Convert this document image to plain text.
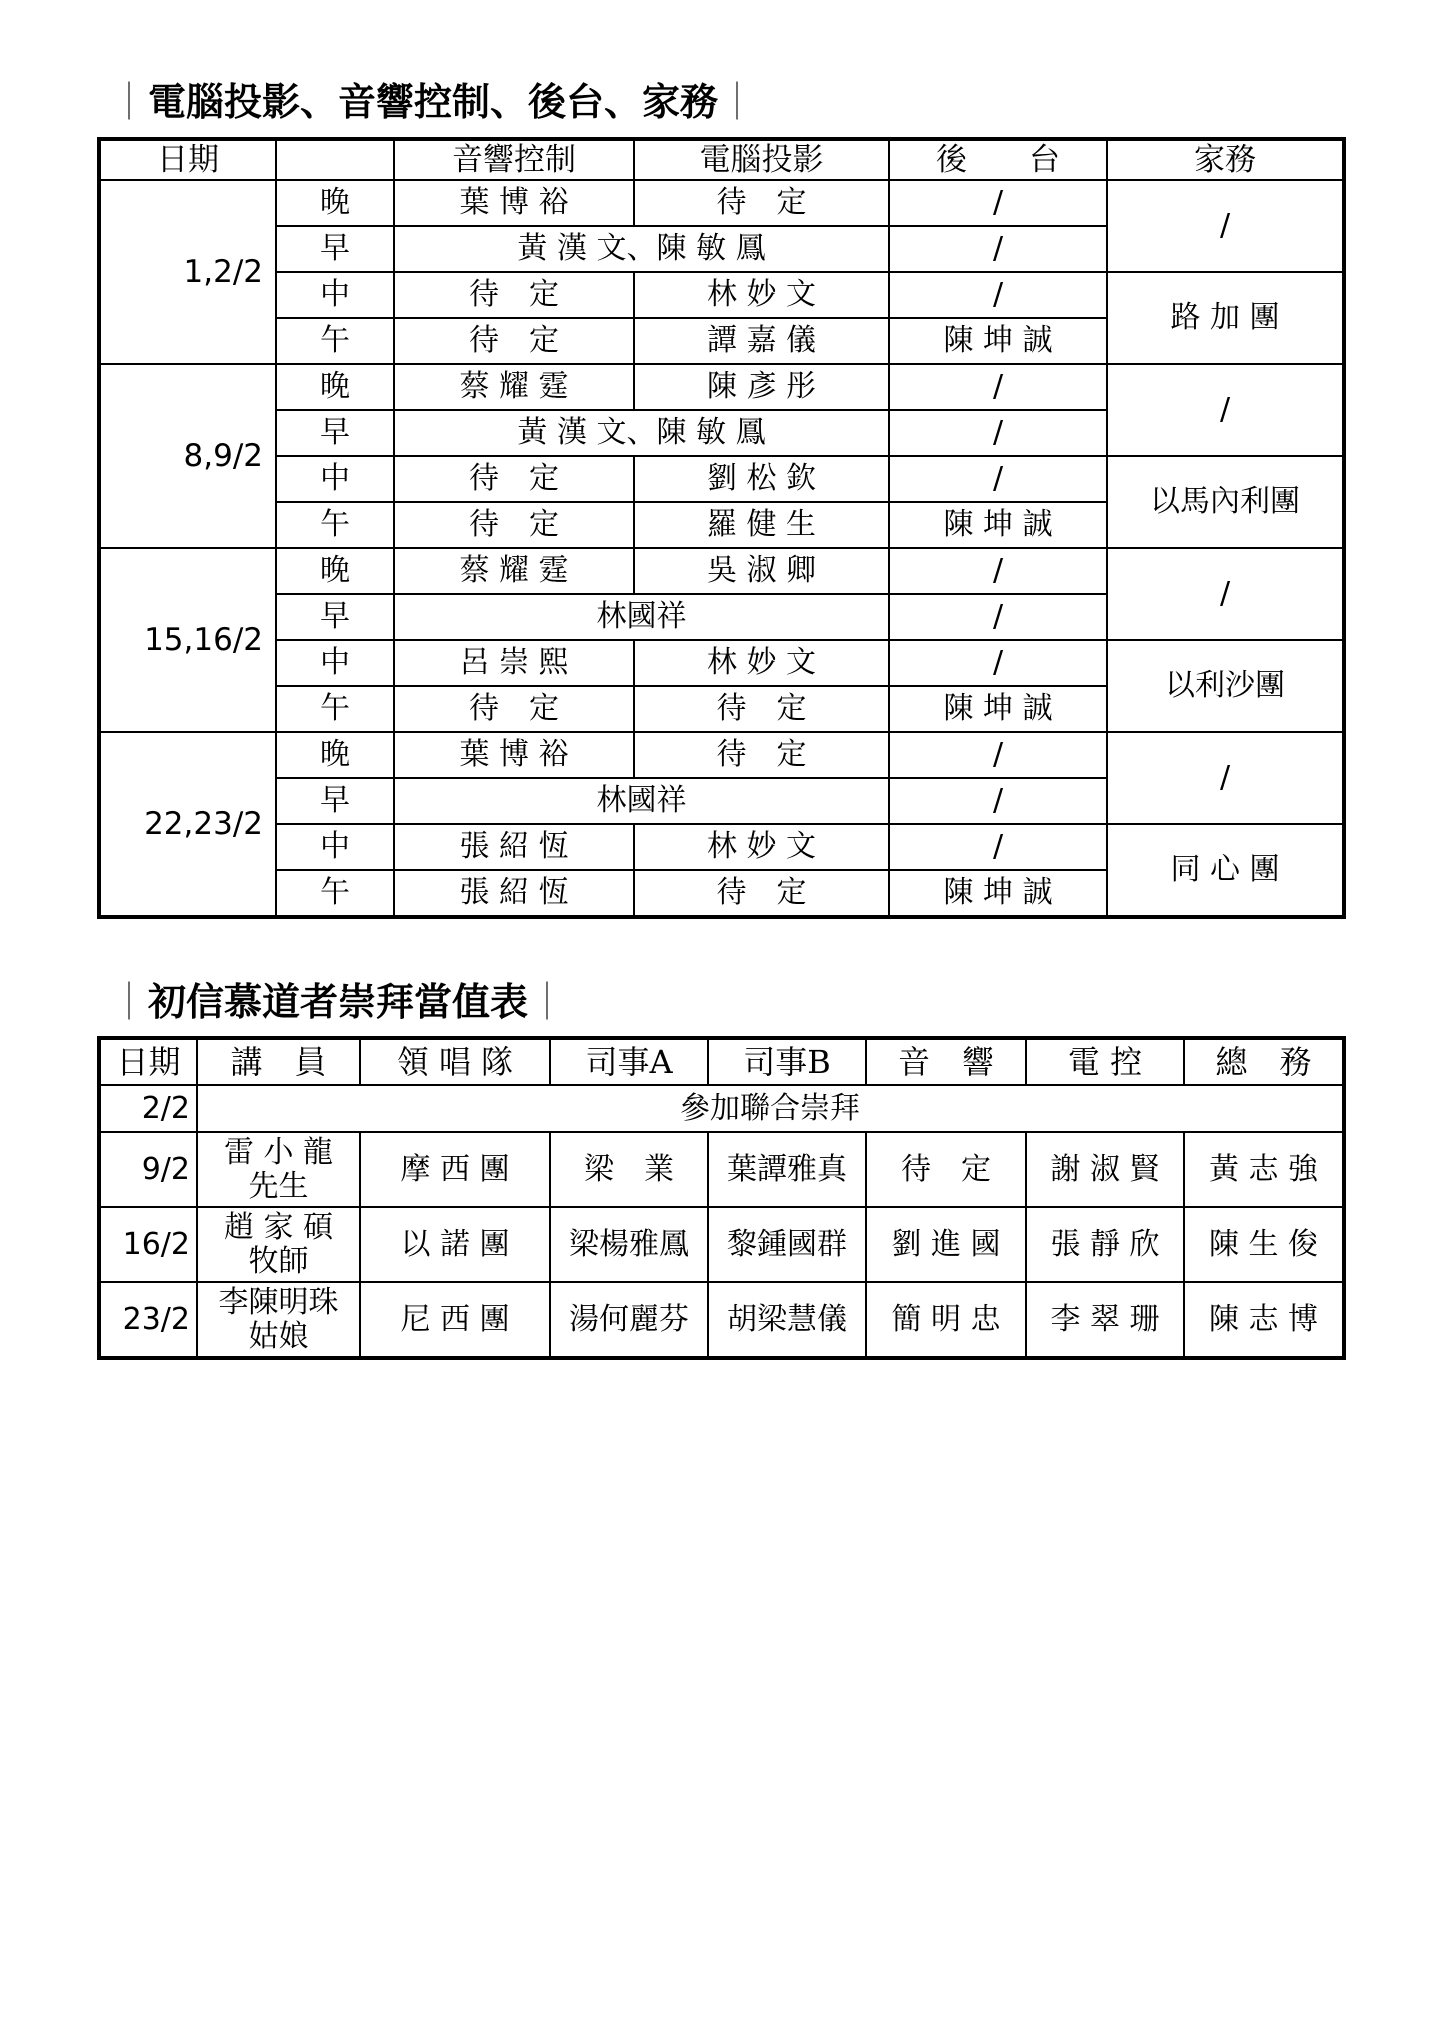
｜電腦投影、音響控制、後台、家務｜
日期		音響控制	電腦投影	後　　台	家務
1,2/2	晚	葉 博 裕	待　定	/	/
	早	黃 漢 文、陳 敏 鳳		/	
	中	待　定	林 妙 文	/	路 加 團
	午	待　定	譚 嘉 儀	陳 坤 誠	
8,9/2	晚	蔡 耀 霆	陳 彥 彤	/	/
	早	黃 漢 文、陳 敏 鳳		/	
	中	待　定	劉 松 欽	/	以馬內利團
	午	待　定	羅 健 生	陳 坤 誠	
15,16/2	晚	蔡 耀 霆	吳 淑 卿	/	/
	早	林國祥		/	
	中	呂 崇 熙	林 妙 文	/	以利沙團
	午	待　定	待　定	陳 坤 誠	
22,23/2	晚	葉 博 裕	待　定	/	/
	早	林國祥		/	
	中	張 紹 恆	林 妙 文	/	同 心 團
	午	張 紹 恆	待　定	陳 坤 誠	
｜初信慕道者崇拜當值表｜
日期	講　員	領 唱 隊	司事A	司事B	音　響	電 控	總　務
2/2	參加聯合崇拜						
9/2	雷 小 龍
先生	摩 西 團	梁　業	葉譚雅真	待　定	謝 淑 賢	黃 志 強
16/2	趙 家 碩
牧師	以 諾 團	梁楊雅鳳	黎鍾國群	劉 進 國	張 靜 欣	陳 生 俊
23/2	李陳明珠
姑娘	尼 西 團	湯何麗芬	胡梁慧儀	簡 明 忠	李 翠 珊	陳 志 博
